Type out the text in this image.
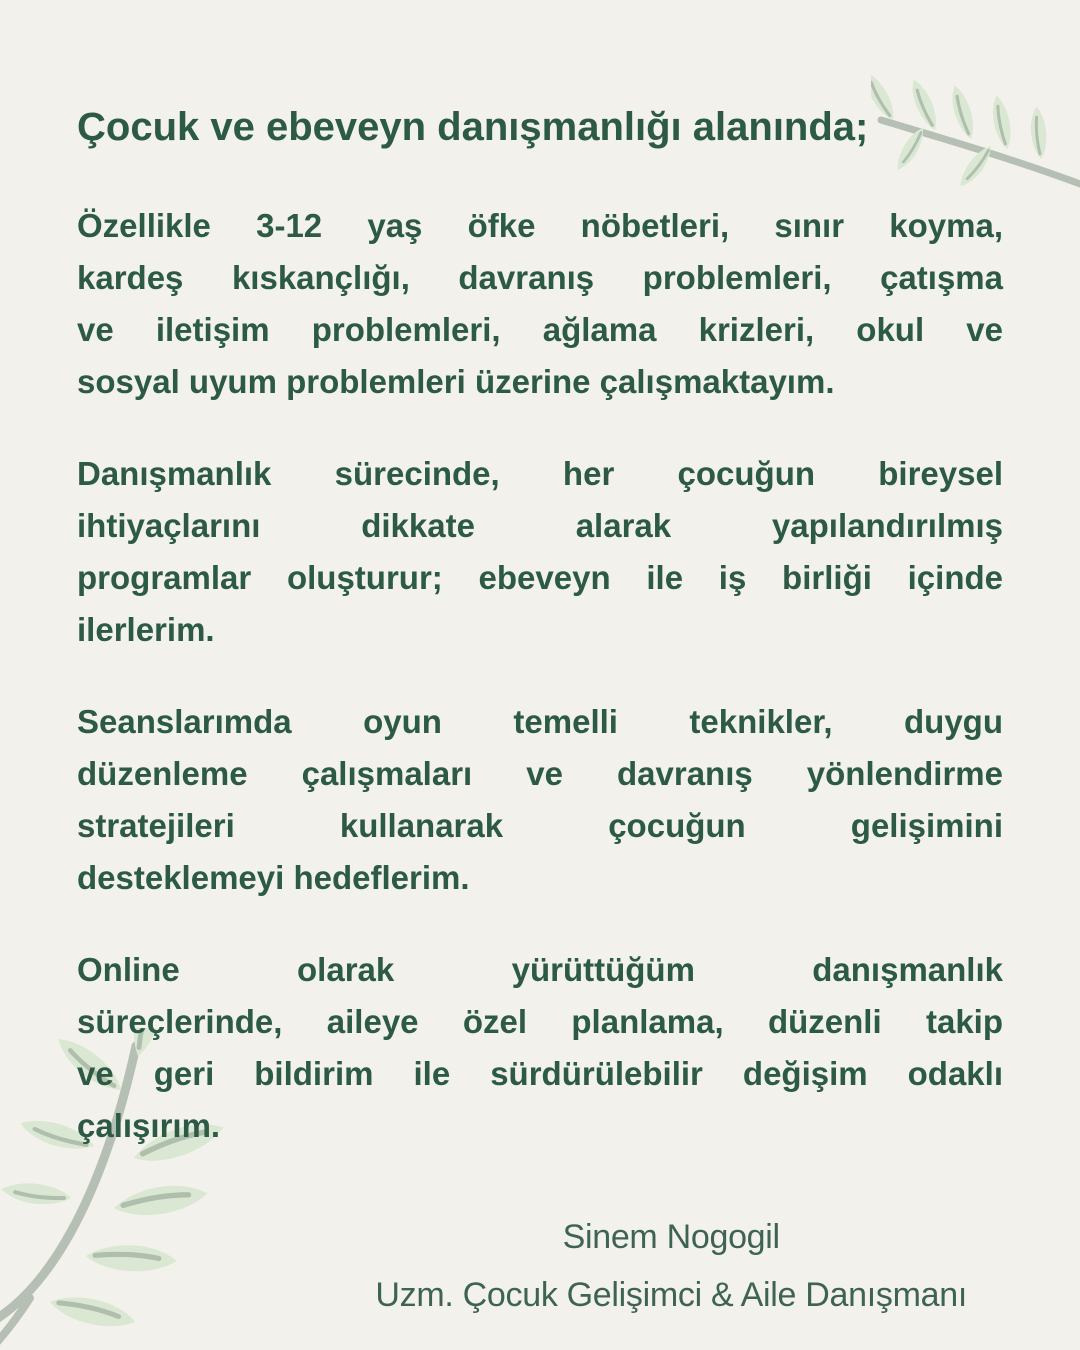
Çocuk ve ebeveyn danışmanlığı alanında;
Özellikle 3-12 yaş öfke nöbetleri, sınır koyma,
kardeş kıskançlığı, davranış problemleri, çatışma
ve iletişim problemleri, ağlama krizleri, okul ve
sosyal uyum problemleri üzerine çalışmaktayım.
Danışmanlık sürecinde, her çocuğun bireysel
ihtiyaçlarını dikkate alarak yapılandırılmış
programlar oluşturur; ebeveyn ile iş birliği içinde
ilerlerim.
Seanslarımda oyun temelli teknikler, duygu
düzenleme çalışmaları ve davranış yönlendirme
stratejileri kullanarak çocuğun gelişimini
desteklemeyi hedeflerim.
Online olarak yürüttüğüm danışmanlık
süreçlerinde, aileye özel planlama, düzenli takip
ve geri bildirim ile sürdürülebilir değişim odaklı
çalışırım.
Sinem Nogogil
Uzm. Çocuk Gelişimci & Aile Danışmanı
